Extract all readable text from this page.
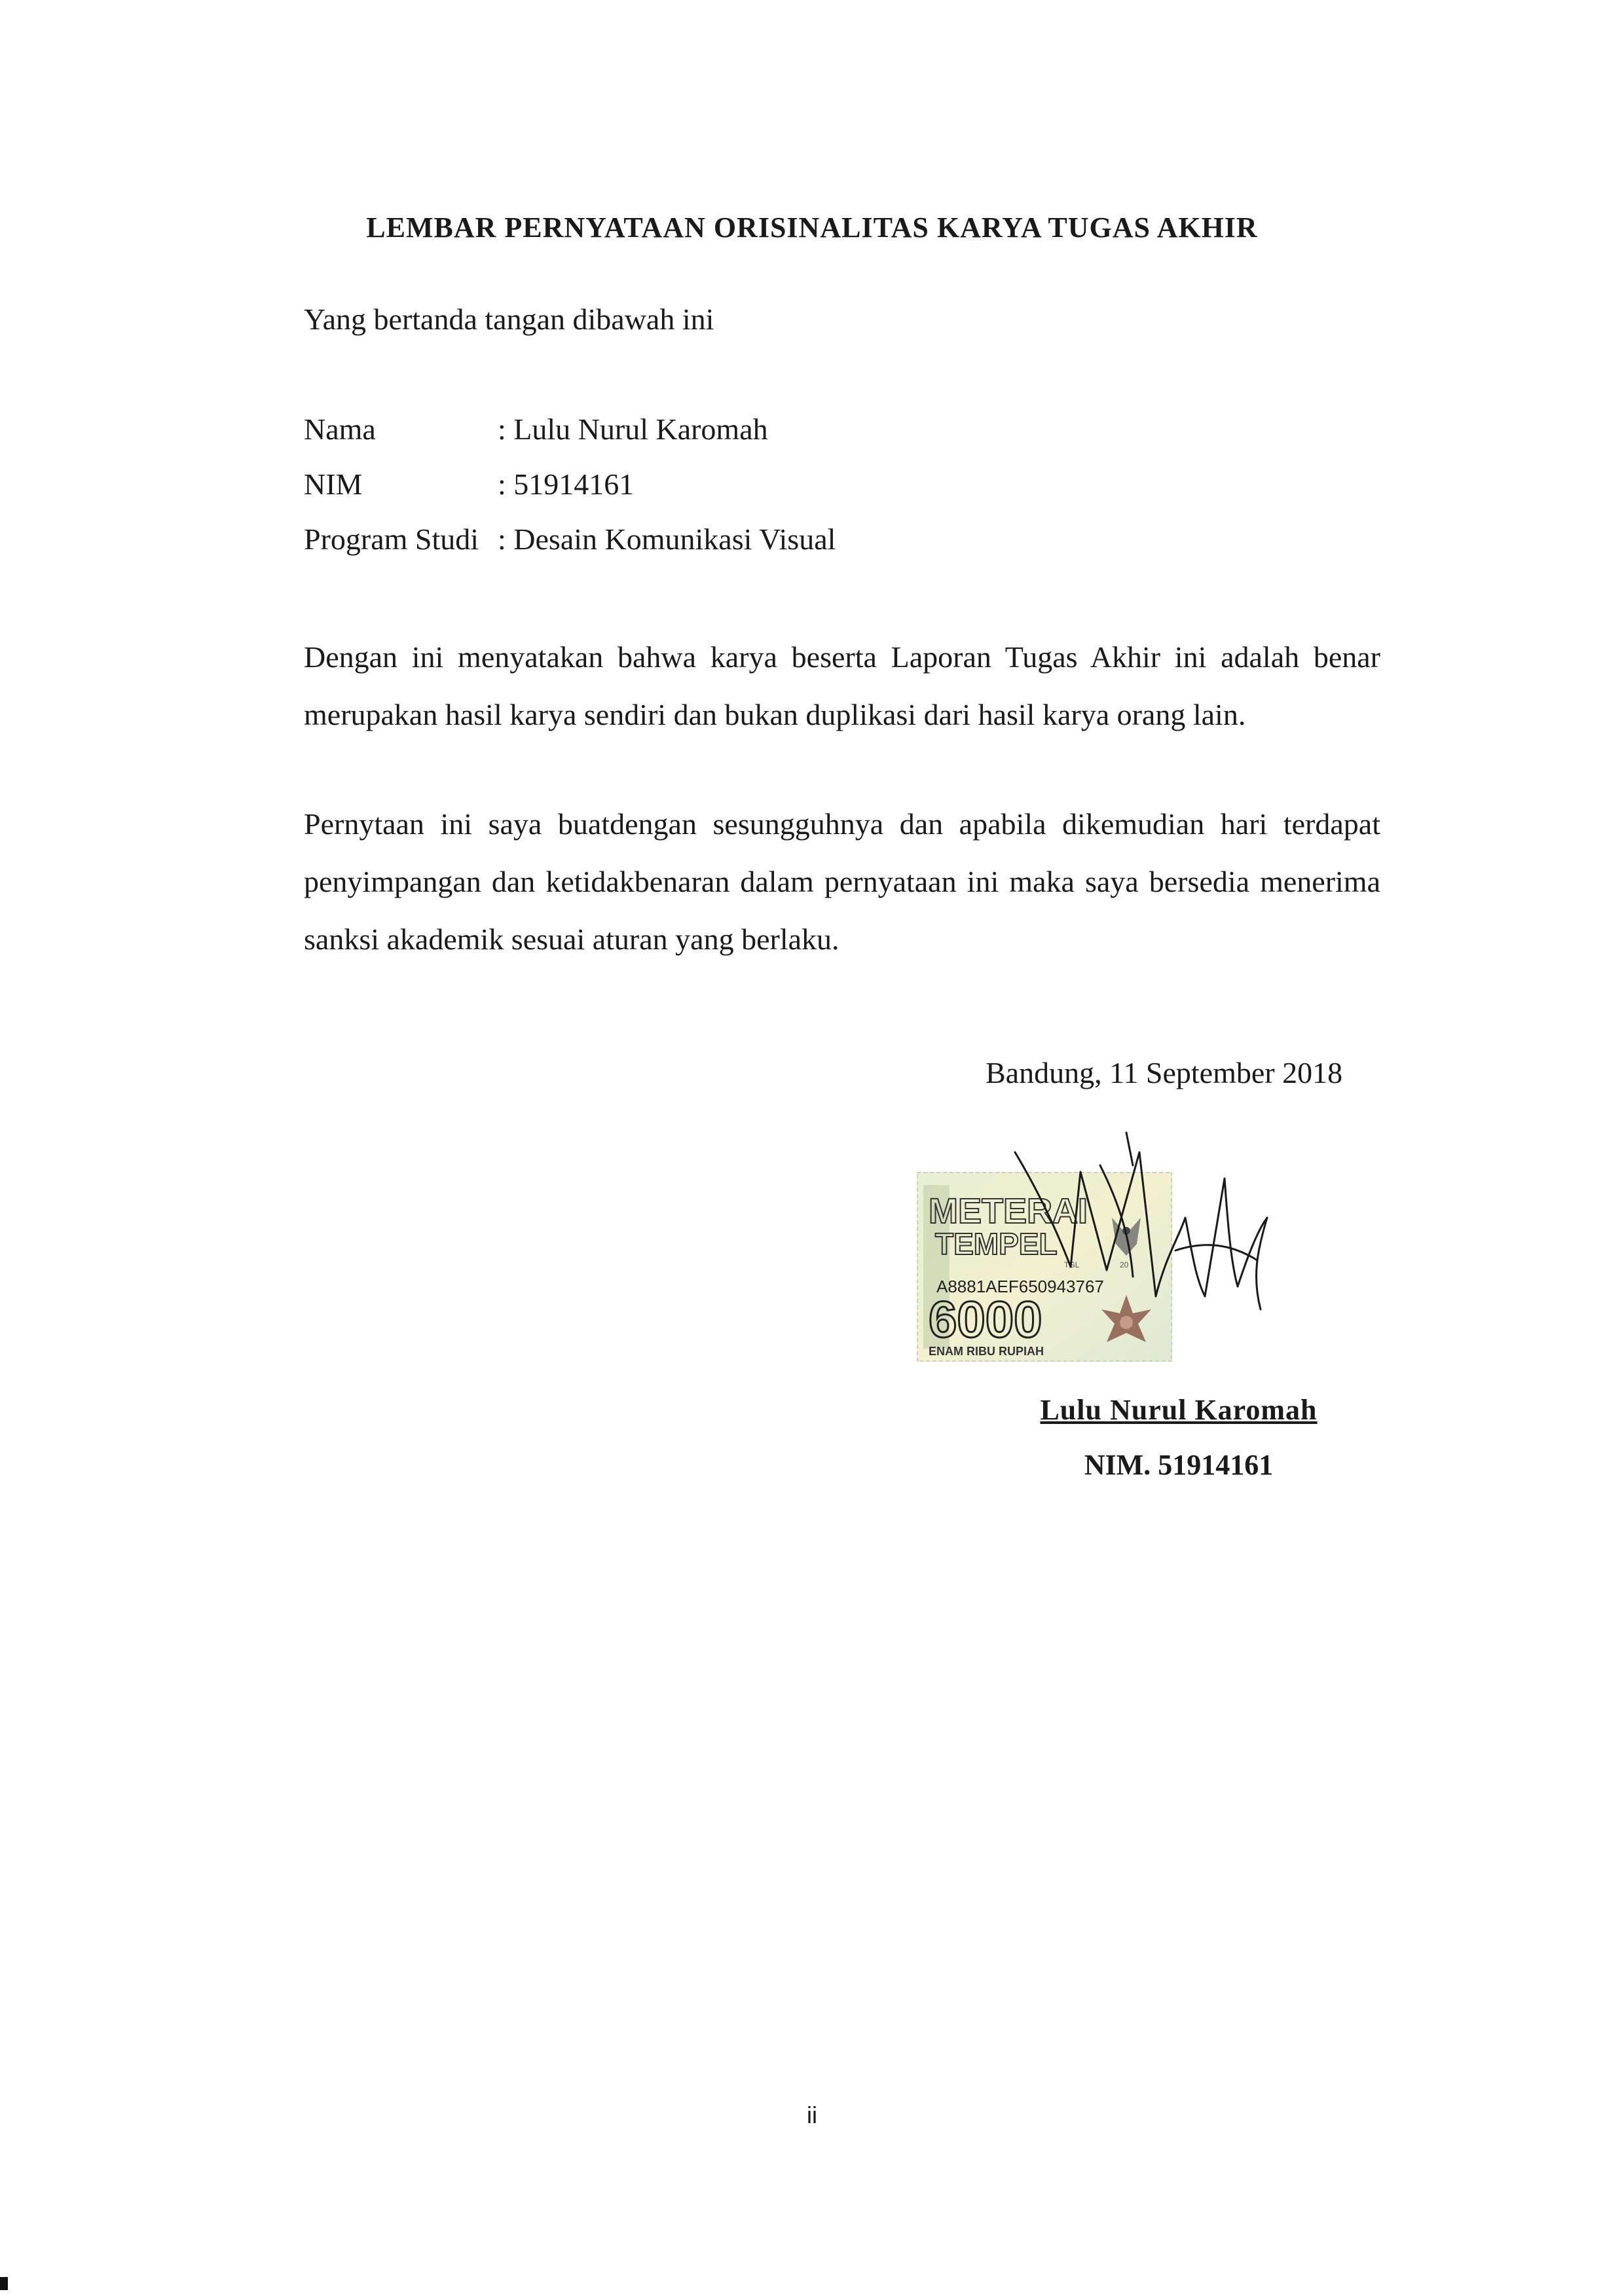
LEMBAR PERNYATAAN ORISINALITAS KARYA TUGAS AKHIR
Yang bertanda tangan dibawah ini
Nama	: Lulu Nurul Karomah
NIM	: 51914161
Program Studi : Desain Komunikasi Visual
Dengan ini menyatakan bahwa karya beserta Laporan Tugas Akhir ini adalah benar merupakan hasil karya sendiri dan bukan duplikasi dari hasil karya orang lain.
Pernytaan ini saya buatdengan sesungguhnya dan apabila dikemudian hari terdapat penyimpangan dan ketidakbenaran dalam pernyataan ini maka saya bersedia menerima sanksi akademik sesuai aturan yang berlaku.
Bandung, 11 September 2018
METERAI
TEMPEL
TGL	20
A8881AEF650943767
6000
ENAM RIBU RUPIAH
Lulu Nurul Karomah
NIM. 51914161
ii
